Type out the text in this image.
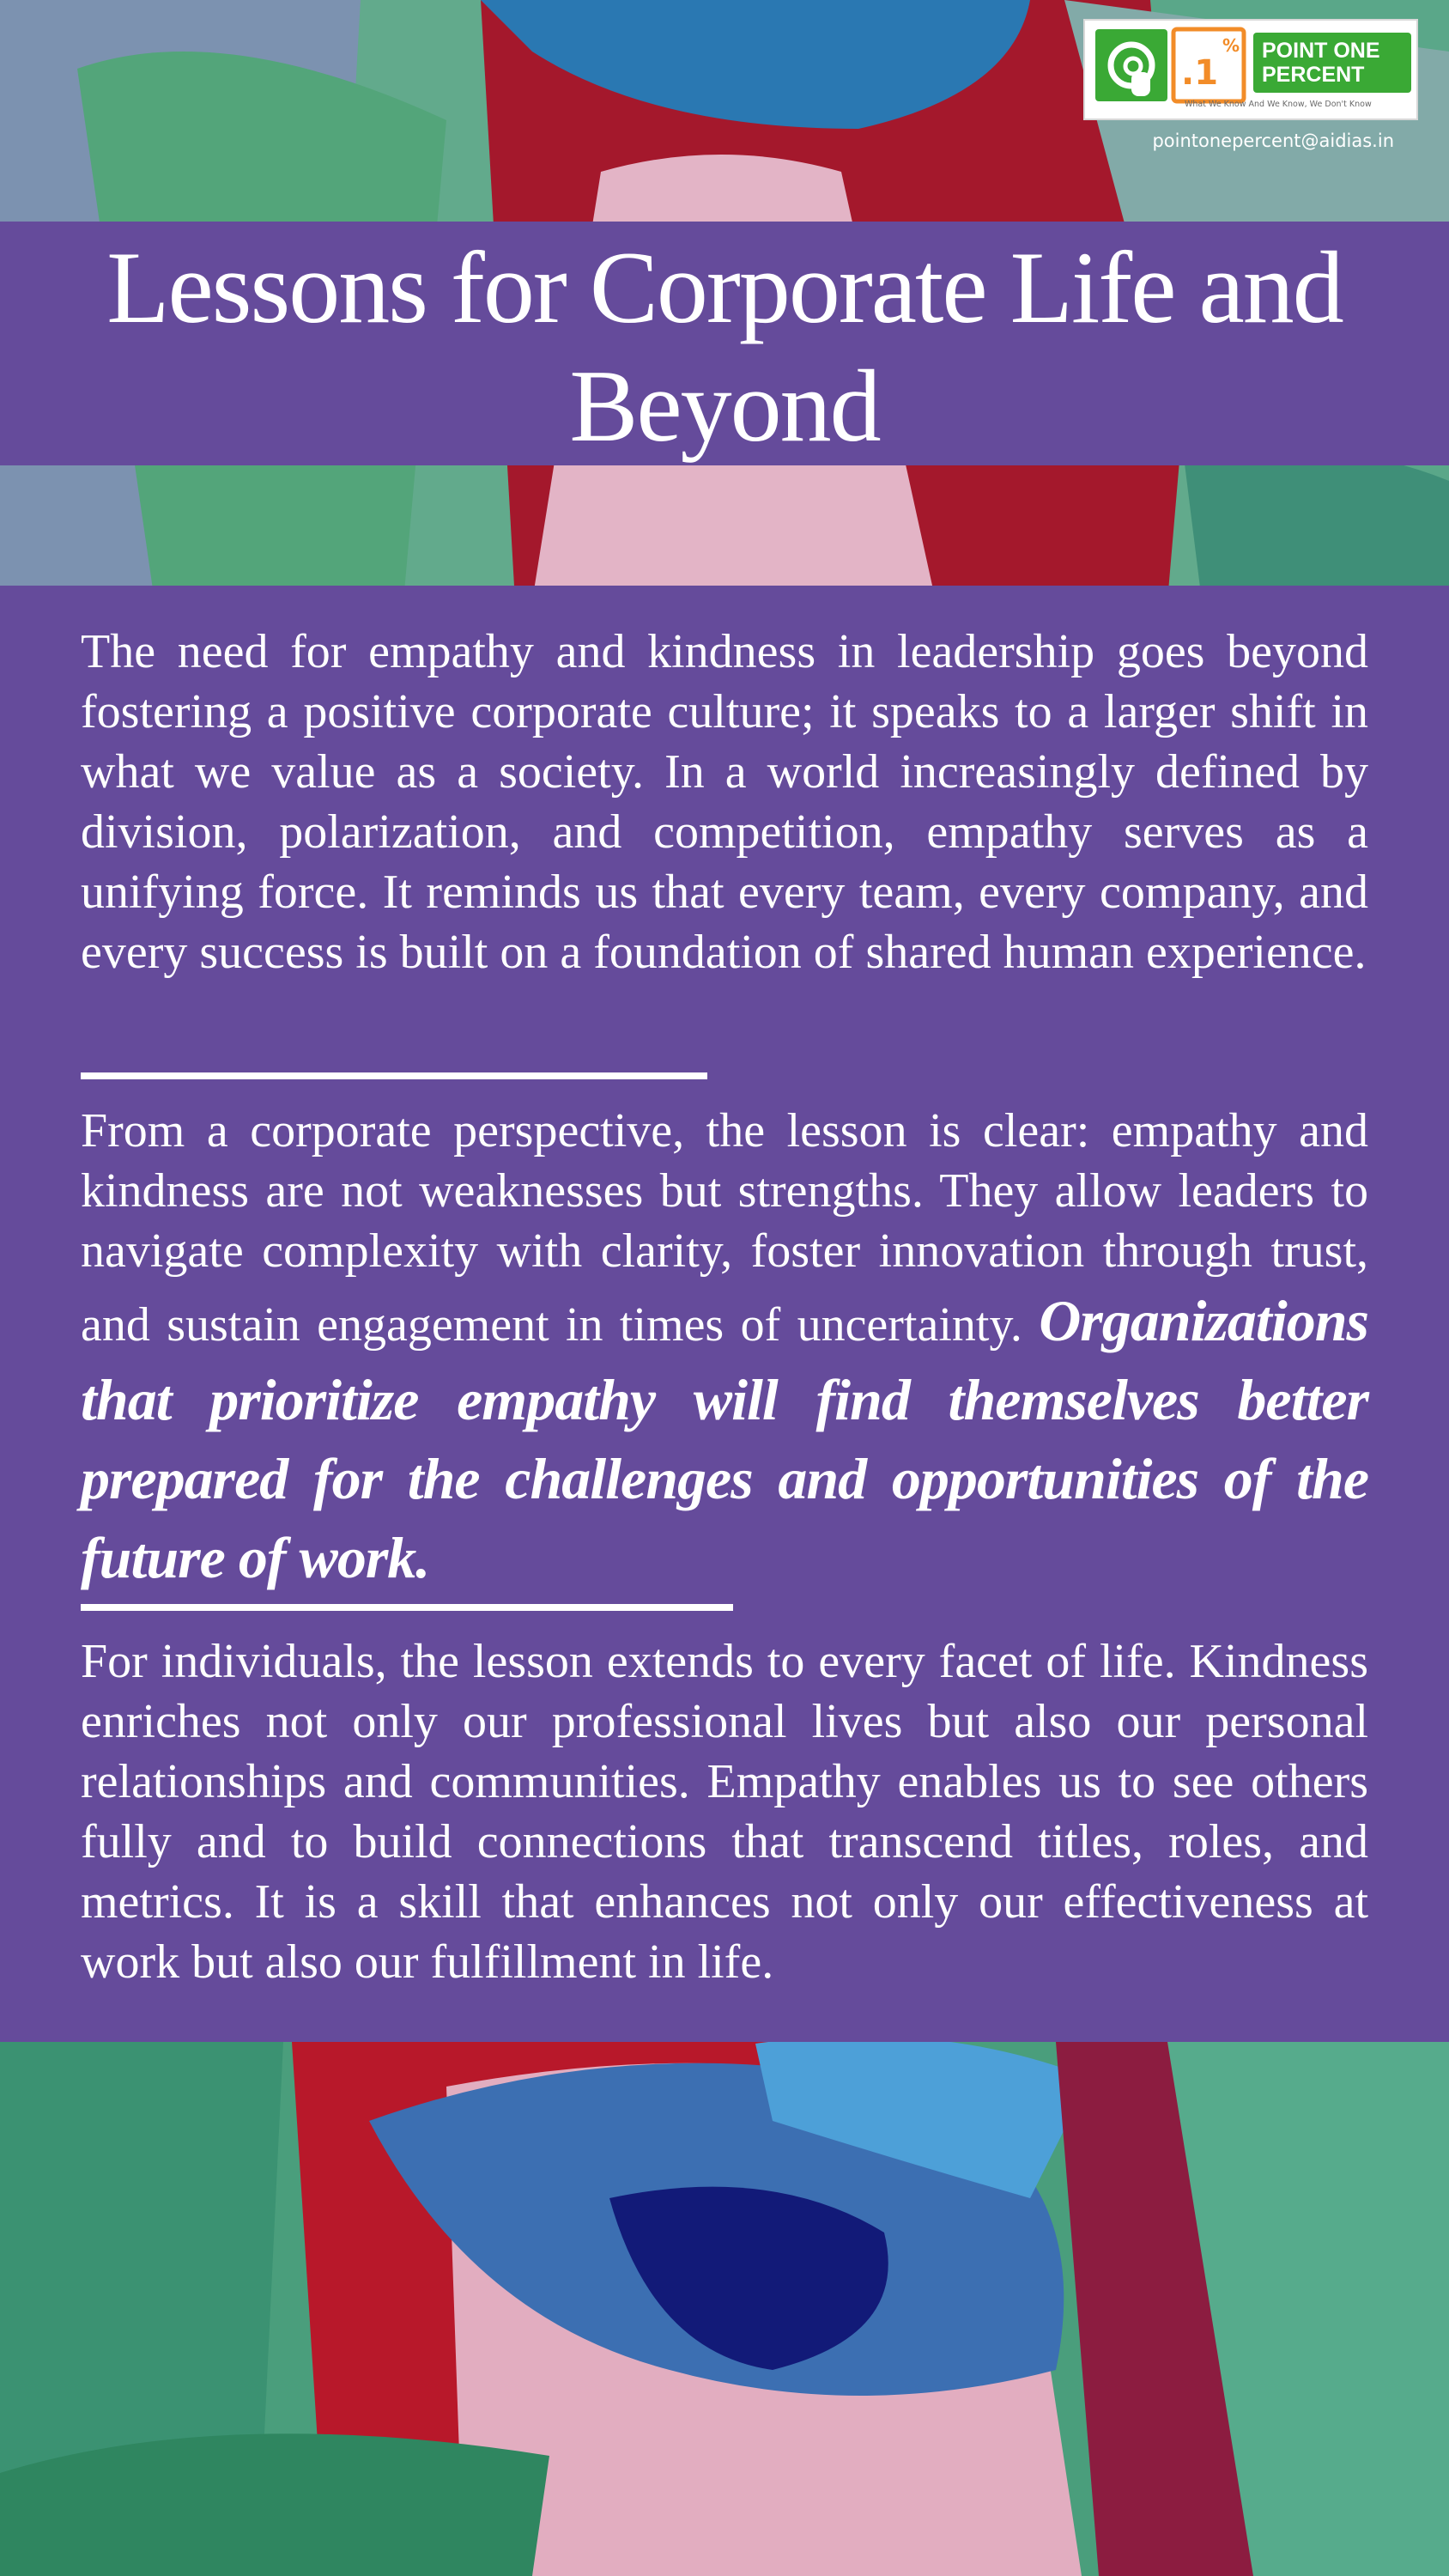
.1
% POINT ONE
PERCENT
What We Know And We Know, We Don't Know
pointonepercent@aidias.in
Lessons for Corporate Life and Beyond

The need for empathy and kindness in leadership goes beyond fostering a positive corporate culture; it speaks to a larger shift in what we value as a society. In a world increasingly defined by division, polarization, and competition, empathy serves as a unifying force. It reminds us that every team, every company, and every success is built on a foundation of shared human experience.

From a corporate perspective, the lesson is clear: empathy and kindness are not weaknesses but strengths. They allow leaders to navigate complexity with clarity, foster innovation through trust, and sustain engagement in times of uncertainty. Organizations that prioritize empathy will find themselves better prepared for the challenges and opportunities of the future of work.

For individuals, the lesson extends to every facet of life. Kindness enriches not only our professional lives but also our personal relationships and communities. Empathy enables us to see others fully and to build connections that transcend titles, roles, and metrics. It is a skill that enhances not only our effectiveness at work but also our fulfillment in life.
